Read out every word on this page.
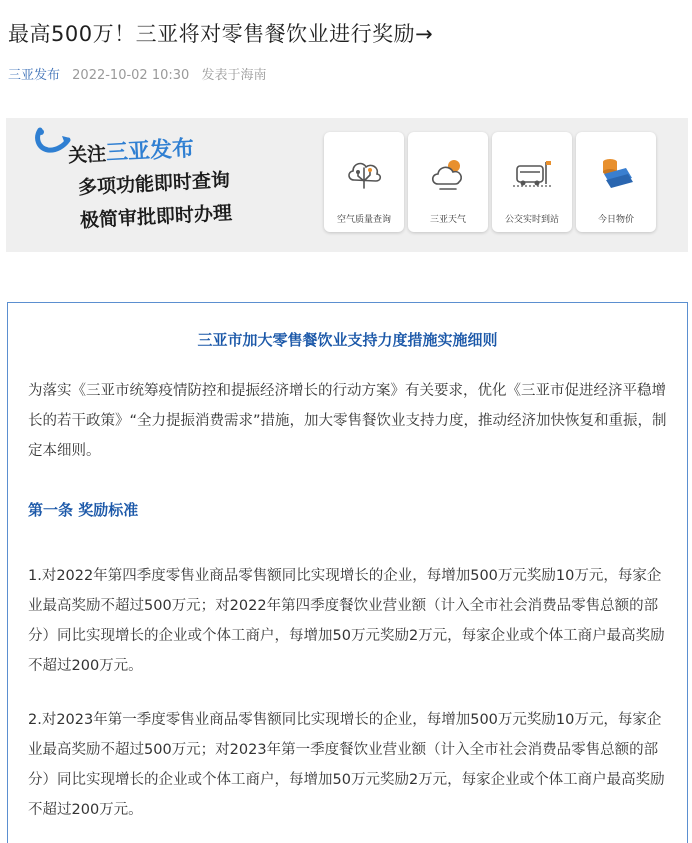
最高500万！三亚将对零售餐饮业进行奖励→
三亚发布 2022-10-02 10:30 发表于海南
关注三亚发布
多项功能即时查询
极简审批即时办理	空气质量查询	三亚天气	公交实时到站	今日物价
三亚市加大零售餐饮业支持力度措施实施细则
为落实《三亚市统筹疫情防控和提振经济增长的行动方案》有关要求，优化《三亚市促进经济平稳增长的若干政策》“全力提振消费需求”措施，加大零售餐饮业支持力度，推动经济加快恢复和重振，制定本细则。
第一条 奖励标准
1.对2022年第四季度零售业商品零售额同比实现增长的企业，每增加500万元奖励10万元，每家企业最高奖励不超过500万元；对2022年第四季度餐饮业营业额（计入全市社会消费品零售总额的部分）同比实现增长的企业或个体工商户，每增加50万元奖励2万元，每家企业或个体工商户最高奖励不超过200万元。
2.对2023年第一季度零售业商品零售额同比实现增长的企业，每增加500万元奖励10万元，每家企业最高奖励不超过500万元；对2023年第一季度餐饮业营业额（计入全市社会消费品零售总额的部分）同比实现增长的企业或个体工商户，每增加50万元奖励2万元，每家企业或个体工商户最高奖励不超过200万元。
